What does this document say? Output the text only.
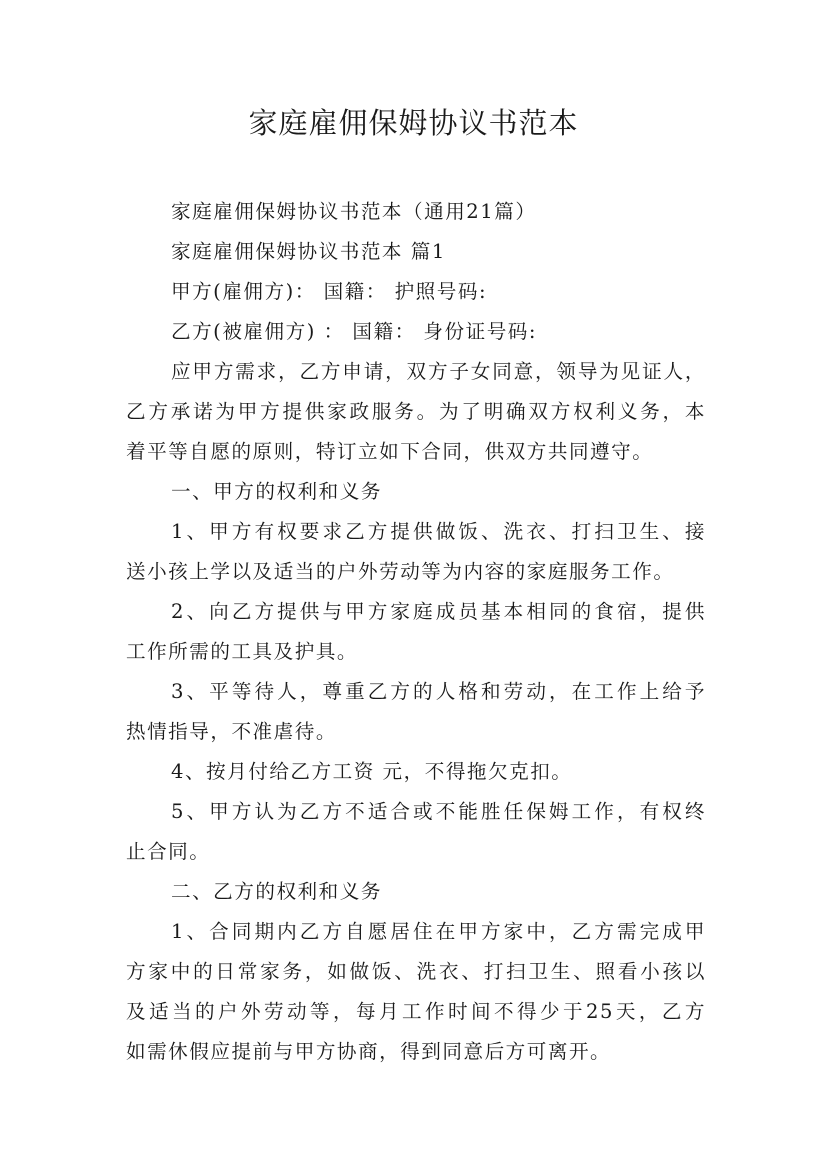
家庭雇佣保姆协议书范本
家庭雇佣保姆协议书范本（通用21篇）
家庭雇佣保姆协议书范本 篇1
甲方(雇佣方)： 国籍： 护照号码:
乙方(被雇佣方) ： 国籍： 身份证号码:
应甲方需求，乙方申请，双方子女同意，领导为见证人，
乙方承诺为甲方提供家政服务。为了明确双方权利义务，本
着平等自愿的原则，特订立如下合同，供双方共同遵守。
一、甲方的权利和义务
1、甲方有权要求乙方提供做饭、洗衣、打扫卫生、接
送小孩上学以及适当的户外劳动等为内容的家庭服务工作。
2、向乙方提供与甲方家庭成员基本相同的食宿，提供
工作所需的工具及护具。
3、平等待人，尊重乙方的人格和劳动，在工作上给予
热情指导，不准虐待。
4、按月付给乙方工资 元，不得拖欠克扣。
5、甲方认为乙方不适合或不能胜任保姆工作，有权终
止合同。
二、乙方的权利和义务
1、合同期内乙方自愿居住在甲方家中，乙方需完成甲
方家中的日常家务，如做饭、洗衣、打扫卫生、照看小孩以
及适当的户外劳动等，每月工作时间不得少于25天，乙方
如需休假应提前与甲方协商，得到同意后方可离开。
